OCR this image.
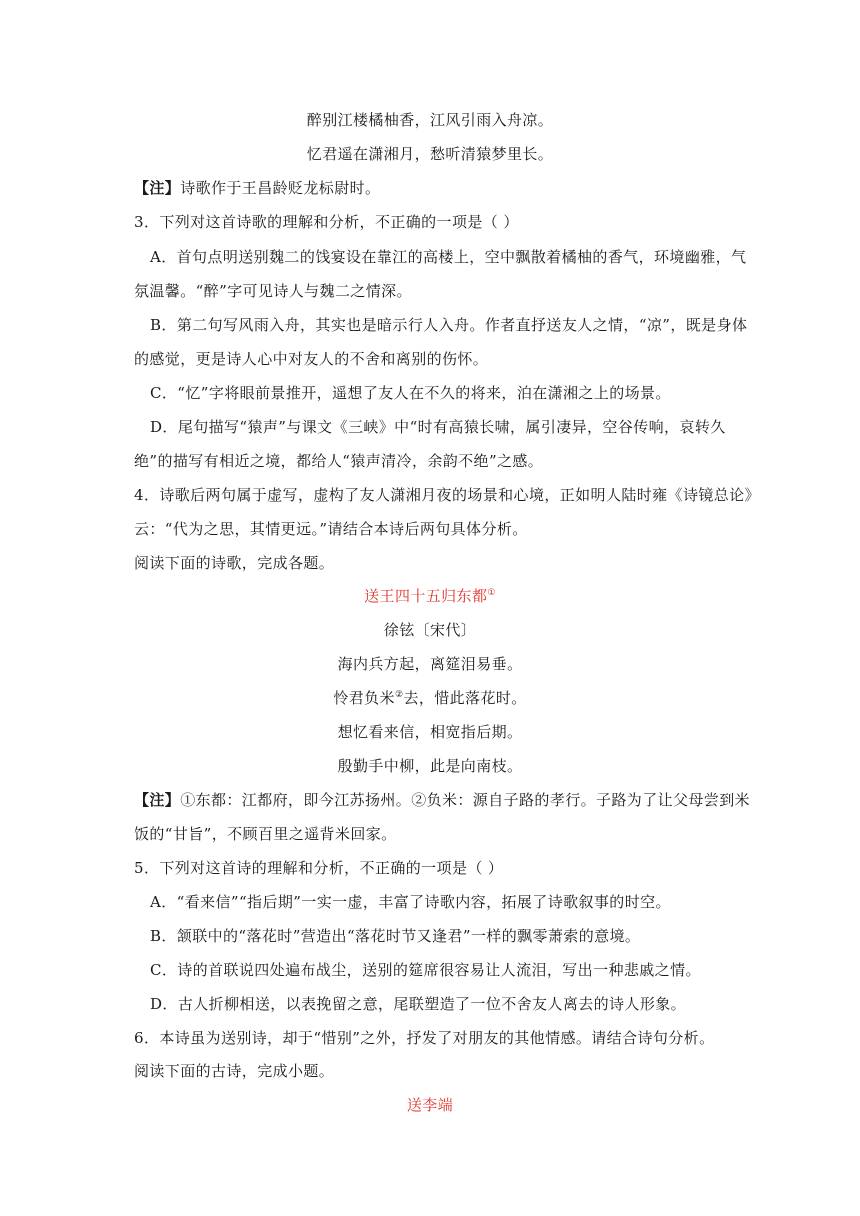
醉别江楼橘柚香，江风引雨入舟凉。
忆君遥在潇湘月，愁听清猿梦里长。
【注】诗歌作于王昌龄贬龙标尉时。
3．下列对这首诗歌的理解和分析，不正确的一项是（ ）
A．首句点明送别魏二的饯宴设在靠江的高楼上，空中飘散着橘柚的香气，环境幽雅，气
氛温馨。“醉”字可见诗人与魏二之情深。
B．第二句写风雨入舟，其实也是暗示行人入舟。作者直抒送友人之情，“凉”，既是身体
的感觉，更是诗人心中对友人的不舍和离别的伤怀。
C．“忆”字将眼前景推开，遥想了友人在不久的将来，泊在潇湘之上的场景。
D．尾句描写“猿声”与课文《三峡》中“时有高猿长啸，属引凄异，空谷传响，哀转久
绝”的描写有相近之境，都给人“猿声清冷，余韵不绝”之感。
4．诗歌后两句属于虚写，虚构了友人潇湘月夜的场景和心境，正如明人陆时雍《诗镜总论》
云：“代为之思，其情更远。”请结合本诗后两句具体分析。
阅读下面的诗歌，完成各题。
送王四十五归东都①
徐铉〔宋代〕
海内兵方起，离筵泪易垂。
怜君负米②去，惜此落花时。
想忆看来信，相宽指后期。
殷勤手中柳，此是向南枝。
【注】①东都：江都府，即今江苏扬州。②负米：源自子路的孝行。子路为了让父母尝到米
饭的“甘旨”，不顾百里之遥背米回家。
5．下列对这首诗的理解和分析，不正确的一项是（ ）
A．“看来信”“指后期”一实一虚，丰富了诗歌内容，拓展了诗歌叙事的时空。
B．颔联中的“落花时”营造出“落花时节又逢君”一样的飘零萧索的意境。
C．诗的首联说四处遍布战尘，送别的筵席很容易让人流泪，写出一种悲戚之情。
D．古人折柳相送，以表挽留之意，尾联塑造了一位不舍友人离去的诗人形象。
6．本诗虽为送别诗，却于“惜别”之外，抒发了对朋友的其他情感。请结合诗句分析。
阅读下面的古诗，完成小题。
送李端
